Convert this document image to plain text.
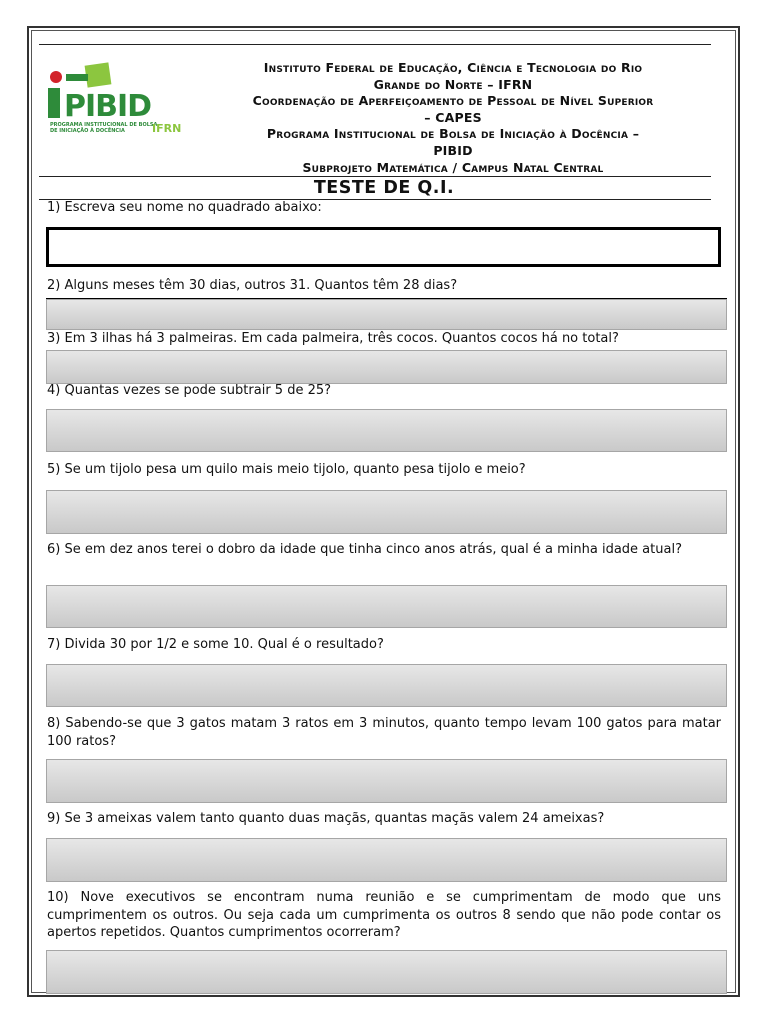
PIBID
PROGRAMA INSTITUCIONAL DE BOLSA
DE INICIAÇÃO À DOCÊNCIA IFRN
Instituto Federal de Educação, Ciência e Tecnologia do Rio
Grande do Norte – IFRN
Coordenação de Aperfeiçoamento de Pessoal de Nível Superior
– CAPES
Programa Institucional de Bolsa de Iniciação à Docência –
PIBID
Subprojeto Matemática / Campus Natal Central
TESTE DE Q.I.
1) Escreva seu nome no quadrado abaixo:
2) Alguns meses têm 30 dias, outros 31. Quantos têm 28 dias?
3) Em 3 ilhas há 3 palmeiras. Em cada palmeira, três cocos. Quantos cocos há no total?
4) Quantas vezes se pode subtrair 5 de 25?
5) Se um tijolo pesa um quilo mais meio tijolo, quanto pesa tijolo e meio?
6) Se em dez anos terei o dobro da idade que tinha cinco anos atrás, qual é a minha idade atual?
7) Divida 30 por 1/2 e some 10. Qual é o resultado?
8) Sabendo-se que 3 gatos matam 3 ratos em 3 minutos, quanto tempo levam 100 gatos para matar 100 ratos?
9) Se 3 ameixas valem tanto quanto duas maçãs, quantas maçãs valem 24 ameixas?
10) Nove executivos se encontram numa reunião e se cumprimentam de modo que uns cumprimentem os outros. Ou seja cada um cumprimenta os outros 8 sendo que não pode contar os apertos repetidos. Quantos cumprimentos ocorreram?
